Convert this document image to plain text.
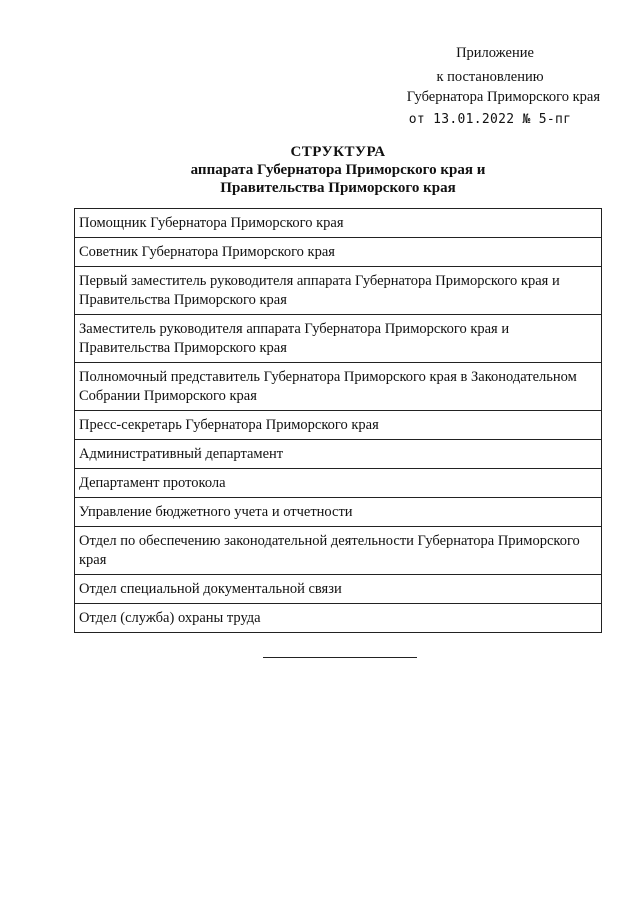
Приложение
к постановлению
Губернатора Приморского края
от 13.01.2022 № 5-пг
СТРУКТУРА
аппарата Губернатора Приморского края и
Правительства Приморского края
Помощник Губернатора Приморского края
Советник Губернатора Приморского края
Первый заместитель руководителя аппарата Губернатора Приморского края и Правительства Приморского края
Заместитель руководителя аппарата Губернатора Приморского края и Правительства Приморского края
Полномочный представитель Губернатора Приморского края в Законодательном Собрании Приморского края
Пресс-секретарь Губернатора Приморского края
Административный департамент
Департамент протокола
Управление бюджетного учета и отчетности
Отдел по обеспечению законодательной деятельности Губернатора Приморского края
Отдел специальной документальной связи
Отдел (служба) охраны труда
